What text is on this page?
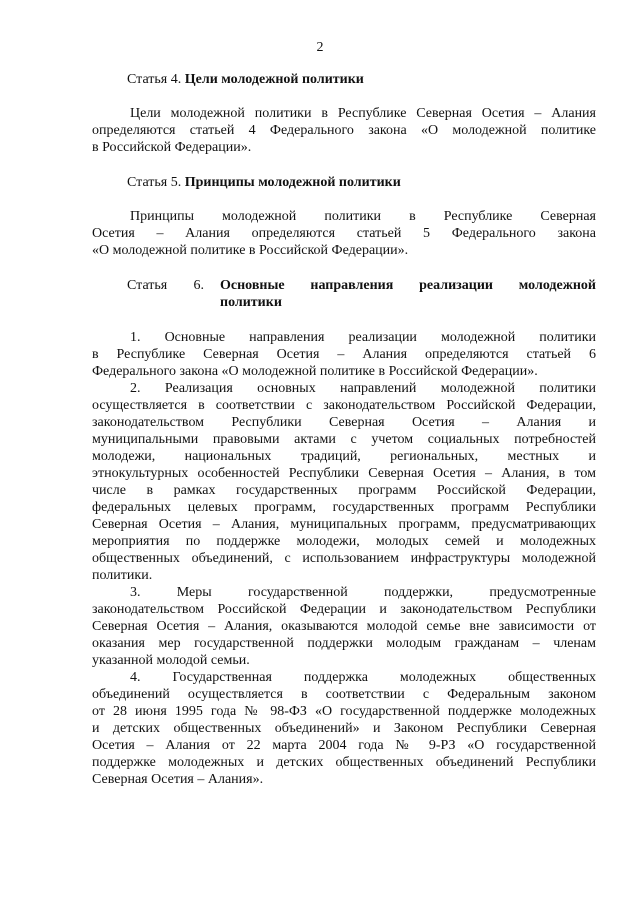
2
Статья 4. Цели молодежной политики
Цели молодежной политики в Республике Северная Осетия – Алания
определяются статьей 4 Федерального закона «О молодежной политике
в Российской Федерации».
Статья 5. Принципы молодежной политики
Принципы молодежной политики в Республике Северная
Осетия – Алания определяются статьей 5 Федерального закона
«О молодежной политике в Российской Федерации».
Статья 6. Основные направления реализации молодежной
политики
1. Основные направления реализации молодежной политики
в Республике Северная Осетия – Алания определяются статьей 6
Федерального закона «О молодежной политике в Российской Федерации».
2. Реализация основных направлений молодежной политики
осуществляется в соответствии с законодательством Российской Федерации,
законодательством Республики Северная Осетия – Алания и
муниципальными правовыми актами с учетом социальных потребностей
молодежи, национальных традиций, региональных, местных и
этнокультурных особенностей Республики Северная Осетия – Алания, в том
числе в рамках государственных программ Российской Федерации,
федеральных целевых программ, государственных программ Республики
Северная Осетия – Алания, муниципальных программ, предусматривающих
мероприятия по поддержке молодежи, молодых семей и молодежных
общественных объединений, с использованием инфраструктуры молодежной
политики.
3. Меры государственной поддержки, предусмотренные
законодательством Российской Федерации и законодательством Республики
Северная Осетия – Алания, оказываются молодой семье вне зависимости от
оказания мер государственной поддержки молодым гражданам – членам
указанной молодой семьи.
4. Государственная поддержка молодежных общественных
объединений осуществляется в соответствии с Федеральным законом
от 28 июня 1995 года № 98-ФЗ «О государственной поддержке молодежных
и детских общественных объединений» и Законом Республики Северная
Осетия – Алания от 22 марта 2004 года № 9-РЗ «О государственной
поддержке молодежных и детских общественных объединений Республики
Северная Осетия – Алания».
